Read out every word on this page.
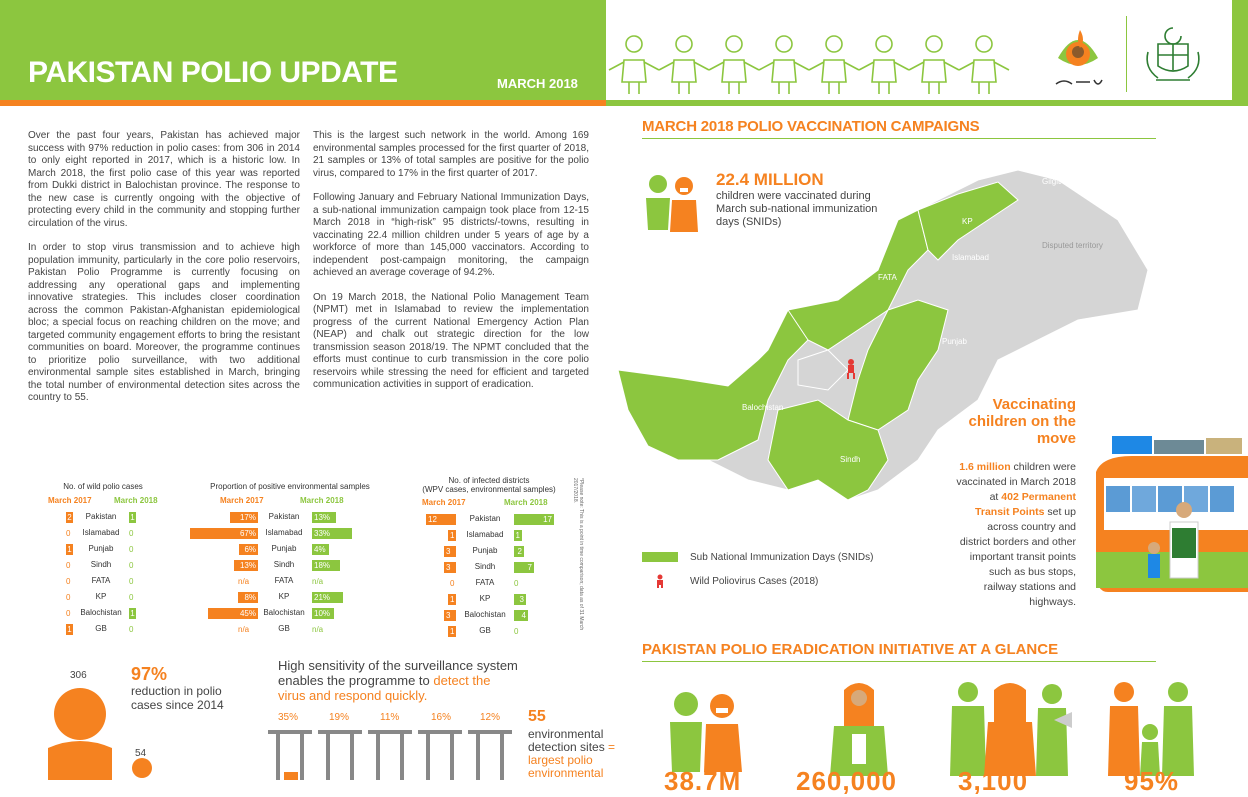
PAKISTAN POLIO UPDATE	MARCH 2018

Over the past four years, Pakistan has achieved major success with 97% reduction in polio cases: from 306 in 2014 to only eight reported in 2017, which is a historic low. In March 2018, the first polio case of this year was reported from Dukki district in Balochistan province. The response to the new case is currently ongoing with the objective of protecting every child in the community and stopping further circulation of the virus.

In order to stop virus transmission and to achieve high population immunity, particularly in the core polio reservoirs, Pakistan Polio Programme is currently focusing on addressing any operational gaps and implementing innovative strategies. This includes closer coordination across the common Pakistan-Afghanistan epidemiological bloc; a special focus on reaching children on the move; and targeted community engagement efforts to bring the resistant communities on board. Moreover, the programme continues to prioritize polio surveillance, with two additional environmental sample sites established in March, bringing the total number of environmental detection sites across the country to 55.

This is the largest such network in the world. Among 169 environmental samples processed for the first quarter of 2018, 21 samples or 13% of total samples are positive for the polio virus, compared to 17% in the first quarter of 2017.

Following January and February National Immunization Days, a sub-national immunization campaign took place from 12-15 March 2018 in “high-risk” 95 districts/-towns, resulting in vaccinating 22.4 million children under 5 years of age by a workforce of more than 145,000 vaccinators. According to independent post-campaign monitoring, the campaign achieved an average coverage of 94.2%.

On 19 March 2018, the National Polio Management Team (NPMT) met in Islamabad to review the implementation progress of the current National Emergency Action Plan (NEAP) and chalk out strategic direction for the low transmission season 2018/19. The NPMT concluded that the efforts must continue to curb transmission in the core polio reservoirs while stressing the need for efficient and targeted communication activities in support of eradication.

MARCH 2018 POLIO VACCINATION CAMPAIGNS
Gilgit/Baltistan
KP
Islamabad
FATA
Punjab
Balochistan
Sindh
Disputed territory
22.4 MILLION
children were vaccinated during March sub-national immunization days (SNIDs)
Sub National Immunization Days (SNIDs)
Wild Poliovirus Cases (2018)
Vaccinating children on the move
1.6 million children were vaccinated in March 2018 at 402 Permanent Transit Points set up across country and district borders and other important transit points such as bus stops, railway stations and highways.
PAKISTAN POLIO ERADICATION INITIATIVE AT A GLANCE
38.7M 260,000 3,100	95%
No. of wild polio cases
March 2017	March 2018
Proportion of positive environmental samples
March 2017	March 2018
No. of infected districts
(WPV cases, environmental samples)
March 2017	March 2018
2	Pakistan	1	17%	Pakistan	13%	12	Pakistan	17
0	Islamabad	0	67%	Islamabad	33%	1	Islamabad	1
1	Punjab	0	6%	Punjab	4%	3	Punjab	2
0	Sindh	0	13%	Sindh	18%	3	Sindh	7
0	FATA	0	n/a	FATA	n/a	0	FATA	0
0	KP	0	8%	KP	21%	1	KP	3
0	Balochistan	1	45% Balochistan	10%	3	Balochistan	4
1	GB	0	n/a	GB	n/a	1	GB	0
*Please note: This is a point in time comparison; data as of 31 March 2017/2018.
306
54
97%
reduction in polio cases since 2014
High sensitivity of the surveillance system enables the programme to detect the virus and respond quickly.
35%	19%	11%	16%	12% 55
environmental detection sites = largest polio environmental
